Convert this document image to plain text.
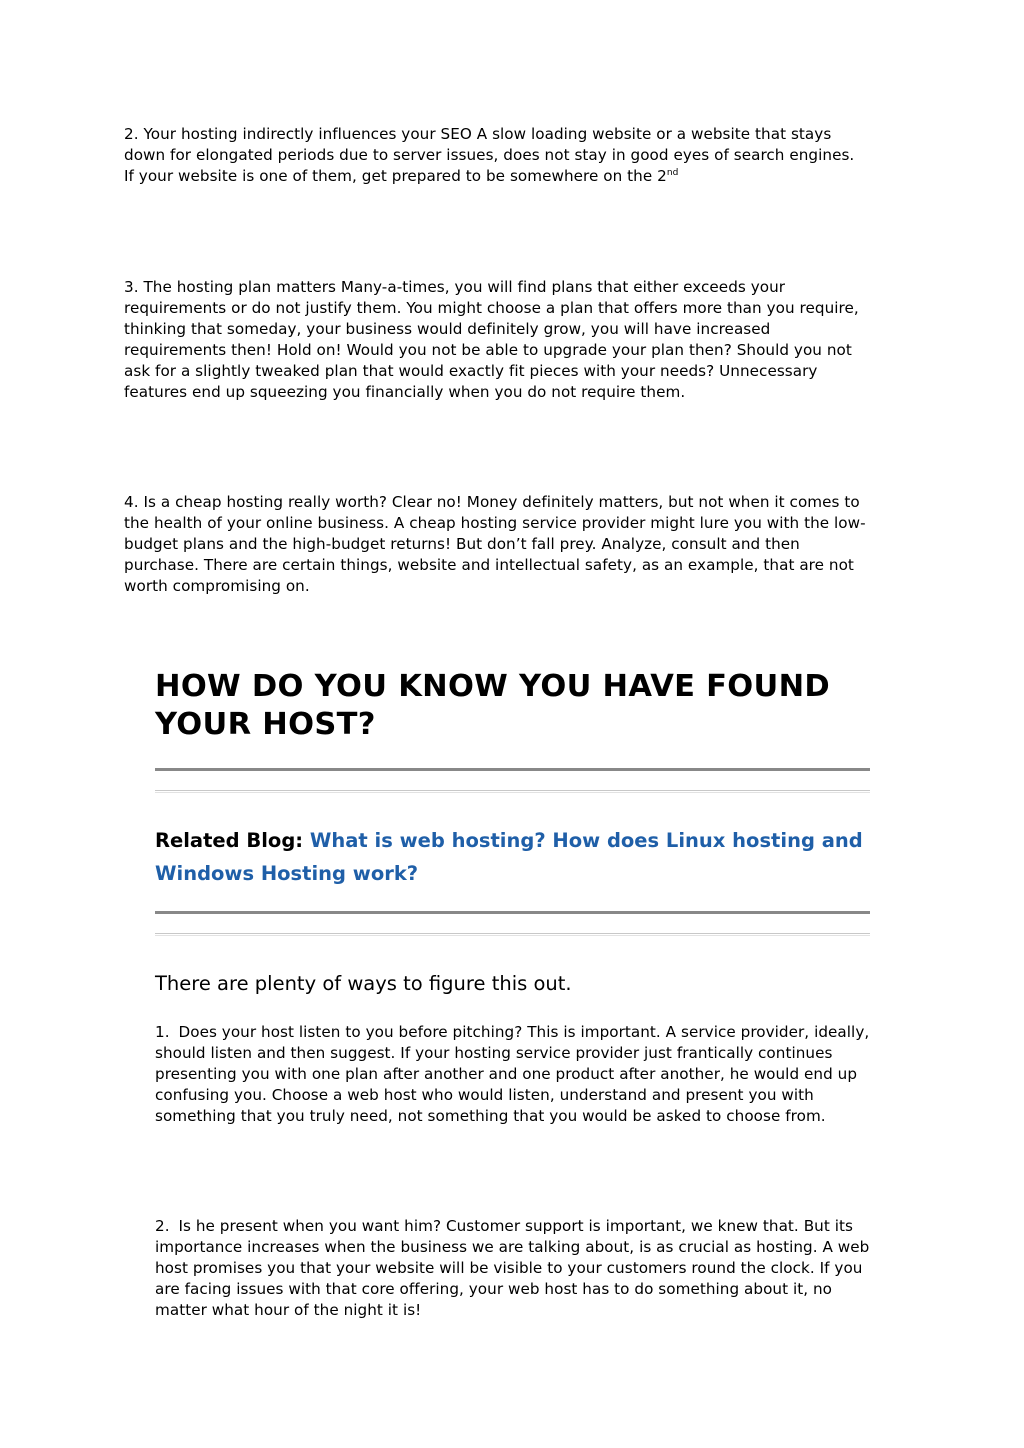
2. Your hosting indirectly influences your SEO A slow loading website or a website that stays down for elongated periods due to server issues, does not stay in good eyes of search engines. If your website is one of them, get prepared to be somewhere on the 2nd

3. The hosting plan matters Many-a-times, you will find plans that either exceeds your requirements or do not justify them. You might choose a plan that offers more than you require, thinking that someday, your business would definitely grow, you will have increased requirements then! Hold on! Would you not be able to upgrade your plan then? Should you not ask for a slightly tweaked plan that would exactly fit pieces with your needs? Unnecessary features end up squeezing you financially when you do not require them.

4. Is a cheap hosting really worth? Clear no! Money definitely matters, but not when it comes to the health of your online business. A cheap hosting service provider might lure you with the low-budget plans and the high-budget returns! But don’t fall prey. Analyze, consult and then purchase. There are certain things, website and intellectual safety, as an example, that are not worth compromising on.

HOW DO YOU KNOW YOU HAVE FOUND YOUR HOST?

Related Blog: What is web hosting? How does Linux hosting and Windows Hosting work?

There are plenty of ways to figure this out.

1. Does your host listen to you before pitching? This is important. A service provider, ideally, should listen and then suggest. If your hosting service provider just frantically continues presenting you with one plan after another and one product after another, he would end up confusing you. Choose a web host who would listen, understand and present you with something that you truly need, not something that you would be asked to choose from.

2. Is he present when you want him? Customer support is important, we knew that. But its importance increases when the business we are talking about, is as crucial as hosting. A web host promises you that your website will be visible to your customers round the clock. If you are facing issues with that core offering, your web host has to do something about it, no matter what hour of the night it is!
